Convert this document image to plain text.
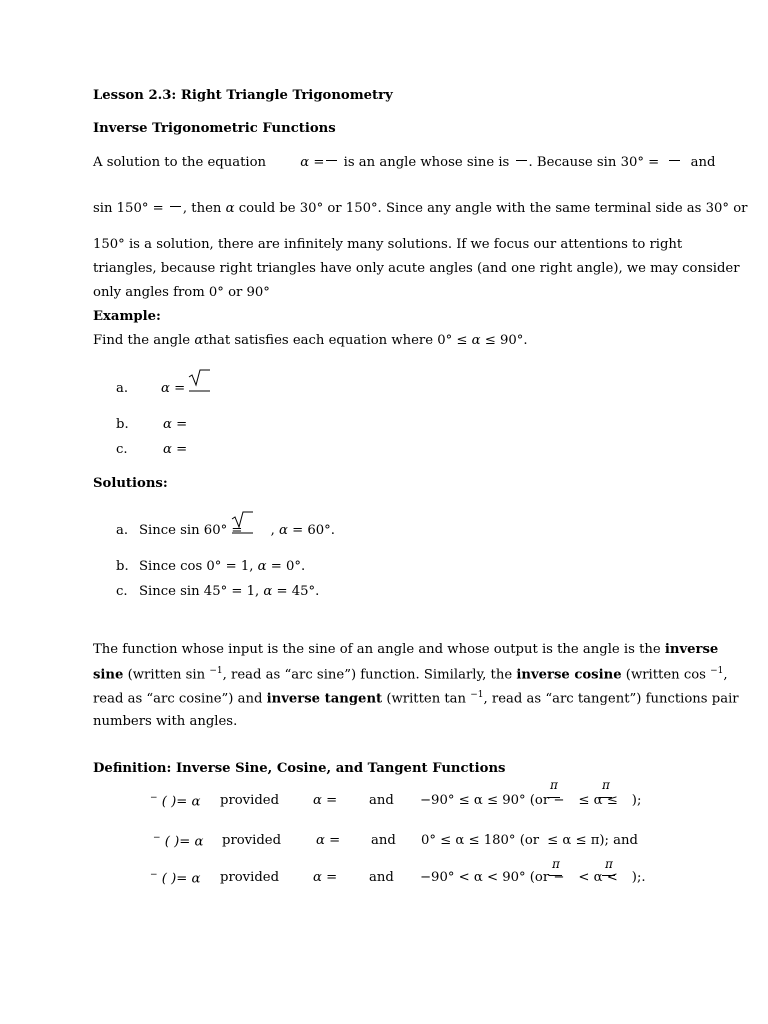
Lesson 2.3: Right Triangle Trigonometry
Inverse Trigonometric Functions
A solution to the equation	α = is an angle whose sine is . Because sin 30° = and
sin 150° = , then α could be 30° or 150°. Since any angle with the same terminal side as 30° or
150° is a solution, there are infinitely many solutions. If we focus our attentions to right
triangles, because right triangles have only acute angles (and one right angle), we may consider
only angles from 0° or 90°
Example:
Find the angle αthat satisfies each equation where 0° ≤ α ≤ 90°.
a. α =
b.	α =
c.	α =
Solutions:
a. Since sin 60° = , α = 60°.
b. Since cos 0° = 1, α = 0°.
c. Since sin 45° = 1, α = 45°.
The function whose input is the sine of an angle and whose output is the angle is the inverse
sine (written sin $^{-1}$, read as “arc sine”) function. Similarly, the inverse cosine (written cos $^{-1}$,
read as “arc cosine”) and inverse tangent (written tan $^{-1}$, read as “arc tangent”) functions pair
numbers with angles.
Definition: Inverse Sine, Cosine, and Tangent Functions
− ( )= α provided	α = and −90° ≤ α ≤ 90° (or − ≤ α ≤ );
π	π
− ( )= α provided	α = and 0° ≤ α ≤ 180° (or ≤ α ≤ π); and
− ( )= α provided	α = and −90° < α < 90° (or − < α < );.
π	π
